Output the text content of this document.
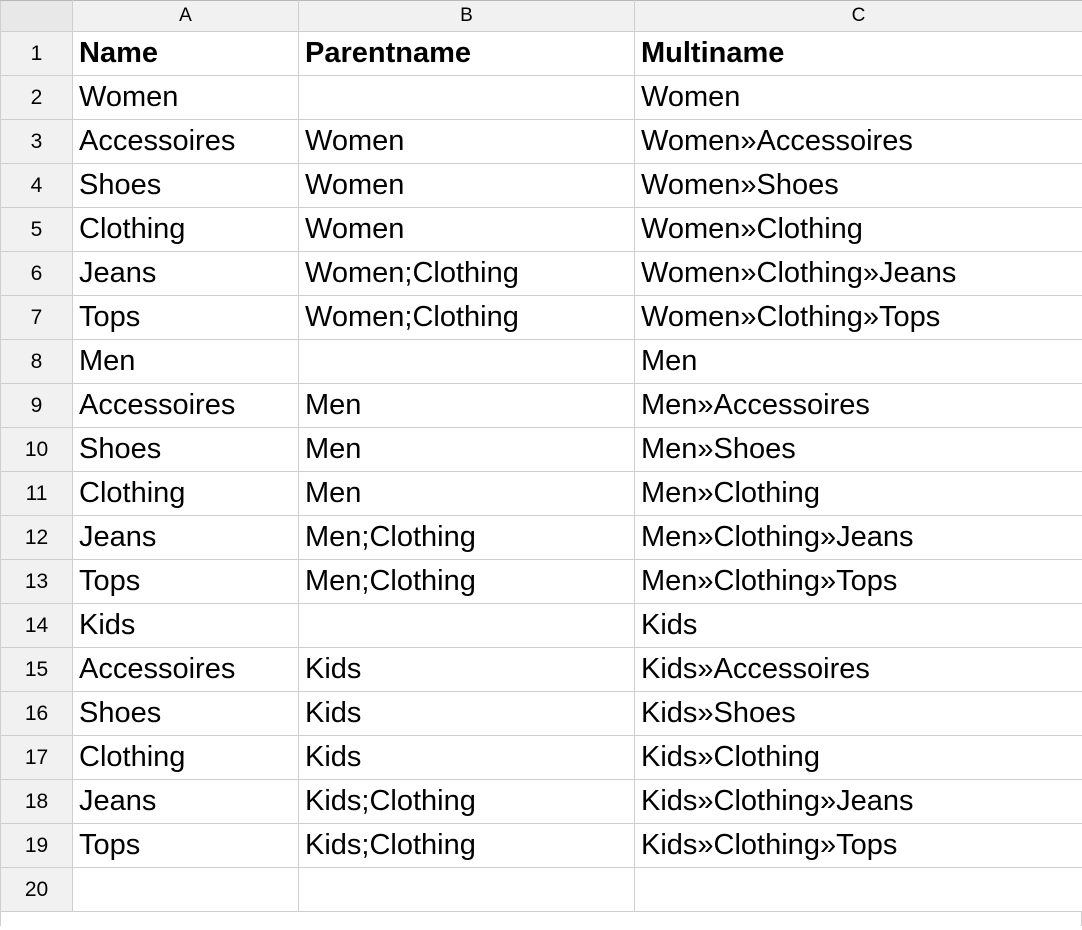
	A	B	C
1	Name	Parentname	Multiname
2	Women		Women
3	Accessoires	Women	Women»Accessoires
4	Shoes	Women	Women»Shoes
5	Clothing	Women	Women»Clothing
6	Jeans	Women;Clothing	Women»Clothing»Jeans
7	Tops	Women;Clothing	Women»Clothing»Tops
8	Men		Men
9	Accessoires	Men	Men»Accessoires
10	Shoes	Men	Men»Shoes
11	Clothing	Men	Men»Clothing
12	Jeans	Men;Clothing	Men»Clothing»Jeans
13	Tops	Men;Clothing	Men»Clothing»Tops
14	Kids		Kids
15	Accessoires	Kids	Kids»Accessoires
16	Shoes	Kids	Kids»Shoes
17	Clothing	Kids	Kids»Clothing
18	Jeans	Kids;Clothing	Kids»Clothing»Jeans
19	Tops	Kids;Clothing	Kids»Clothing»Tops
20			
